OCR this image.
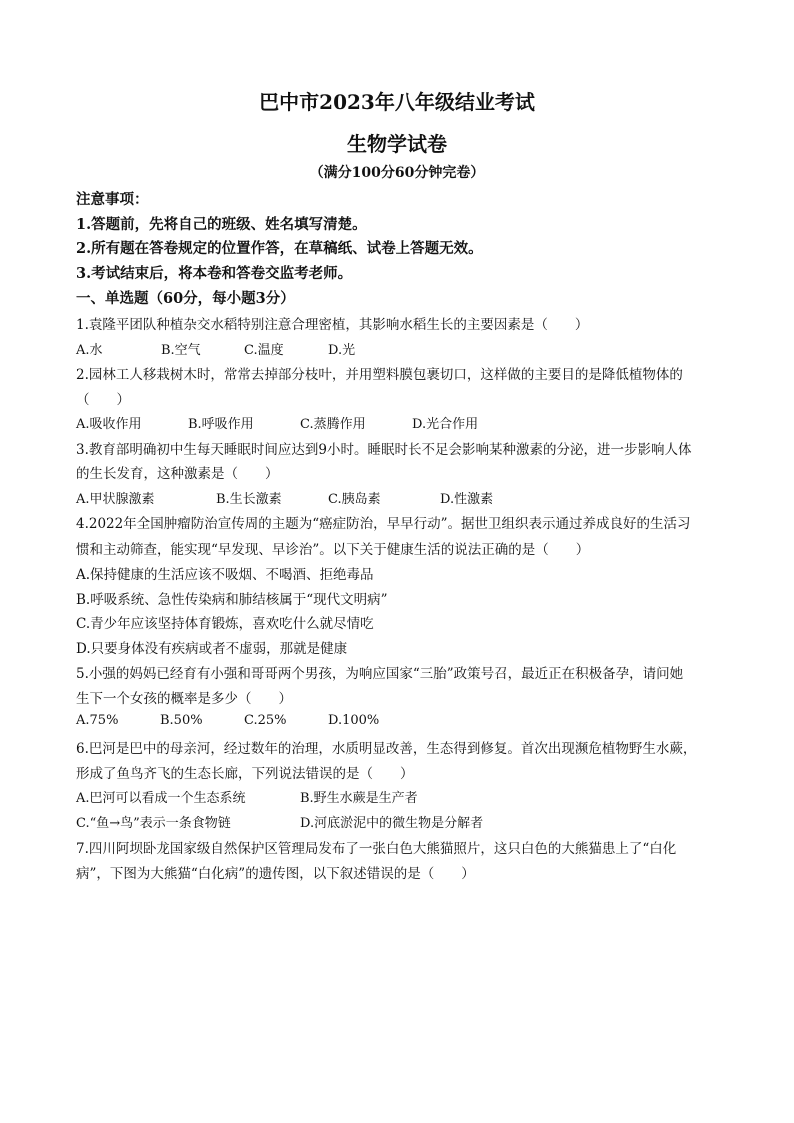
巴中市2023年八年级结业考试
生物学试卷
（满分100分60分钟完卷）
注意事项：
1.答题前，先将自己的班级、姓名填写清楚。
2.所有题在答卷规定的位置作答，在草稿纸、试卷上答题无效。
3.考试结束后，将本卷和答卷交监考老师。
一、单选题（60分，每小题3分）
1.袁隆平团队种植杂交水稻特别注意合理密植，其影响水稻生长的主要因素是（　　）
A.水	B.空气	C.温度	D.光
2.园林工人移栽树木时，常常去掉部分枝叶，并用塑料膜包裹切口，这样做的主要目的是降低植物体的
（　　）
A.吸收作用	B.呼吸作用	C.蒸腾作用	D.光合作用
3.教育部明确初中生每天睡眠时间应达到9小时。睡眠时长不足会影响某种激素的分泌，进一步影响人体
的生长发育，这种激素是（　　）
A.甲状腺激素	B.生长激素	C.胰岛素	D.性激素
4.2022年全国肿瘤防治宣传周的主题为“癌症防治，早早行动”。据世卫组织表示通过养成良好的生活习
惯和主动筛查，能实现“早发现、早诊治”。以下关于健康生活的说法正确的是（　　）
A.保持健康的生活应该不吸烟、不喝酒、拒绝毒品
B.呼吸系统、急性传染病和肺结核属于“现代文明病”
C.青少年应该坚持体育锻炼，喜欢吃什么就尽情吃
D.只要身体没有疾病或者不虚弱，那就是健康
5.小强的妈妈已经育有小强和哥哥两个男孩，为响应国家“三胎”政策号召，最近正在积极备孕，请问她
生下一个女孩的概率是多少（　　）
A.75%	B.50%	C.25%	D.100%
6.巴河是巴中的母亲河，经过数年的治理，水质明显改善，生态得到修复。首次出现濒危植物野生水蕨，
形成了鱼鸟齐飞的生态长廊，下列说法错误的是（　　）
A.巴河可以看成一个生态系统	B.野生水蕨是生产者
C.“鱼→鸟”表示一条食物链	D.河底淤泥中的微生物是分解者
7.四川阿坝卧龙国家级自然保护区管理局发布了一张白色大熊猫照片，这只白色的大熊猫患上了“白化
病”，下图为大熊猫“白化病”的遗传图，以下叙述错误的是（　　）
